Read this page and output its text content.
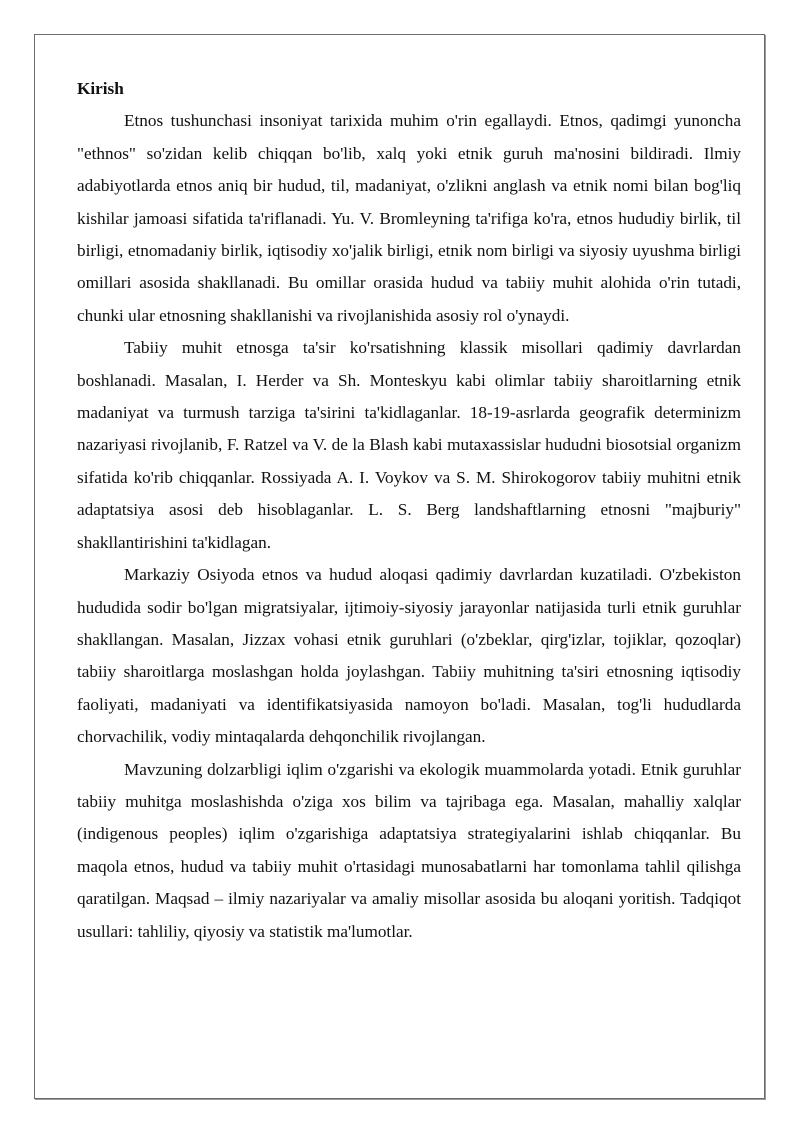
Kirish

Etnos tushunchasi insoniyat tarixida muhim o'rin egallaydi. Etnos, qadimgi yunoncha "ethnos" so'zidan kelib chiqqan bo'lib, xalq yoki etnik guruh ma'nosini bildiradi. Ilmiy adabiyotlarda etnos aniq bir hudud, til, madaniyat, o'zlikni anglash va etnik nomi bilan bog'liq kishilar jamoasi sifatida ta'riflanadi. Yu. V. Bromleyning ta'rifiga ko'ra, etnos hududiy birlik, til birligi, etnomadaniy birlik, iqtisodiy xo'jalik birligi, etnik nom birligi va siyosiy uyushma birligi omillari asosida shakllanadi. Bu omillar orasida hudud va tabiiy muhit alohida o'rin tutadi, chunki ular etnosning shakllanishi va rivojlanishida asosiy rol o'ynaydi.

Tabiiy muhit etnosga ta'sir ko'rsatishning klassik misollari qadimiy davrlardan boshlanadi. Masalan, I. Herder va Sh. Monteskyu kabi olimlar tabiiy sharoitlarning etnik madaniyat va turmush tarziga ta'sirini ta'kidlaganlar. 18-19-asrlarda geografik determinizm nazariyasi rivojlanib, F. Ratzel va V. de la Blash kabi mutaxassislar hududni biosotsial organizm sifatida ko'rib chiqqanlar. Rossiyada A. I. Voykov va S. M. Shirokogorov tabiiy muhitni etnik adaptatsiya asosi deb hisoblaganlar. L. S. Berg landshaftlarning etnosni "majburiy" shakllantirishini ta'kidlagan.

Markaziy Osiyoda etnos va hudud aloqasi qadimiy davrlardan kuzatiladi. O'zbekiston hududida sodir bo'lgan migratsiyalar, ijtimoiy-siyosiy jarayonlar natijasida turli etnik guruhlar shakllangan. Masalan, Jizzax vohasi etnik guruhlari (o'zbeklar, qirg'izlar, tojiklar, qozoqlar) tabiiy sharoitlarga moslashgan holda joylashgan. Tabiiy muhitning ta'siri etnosning iqtisodiy faoliyati, madaniyati va identifikatsiyasida namoyon bo'ladi. Masalan, tog'li hududlarda chorvachilik, vodiy mintaqalarda dehqonchilik rivojlangan.

Mavzuning dolzarbligi iqlim o'zgarishi va ekologik muammolarda yotadi. Etnik guruhlar tabiiy muhitga moslashishda o'ziga xos bilim va tajribaga ega. Masalan, mahalliy xalqlar (indigenous peoples) iqlim o'zgarishiga adaptatsiya strategiyalarini ishlab chiqqanlar. Bu maqola etnos, hudud va tabiiy muhit o'rtasidagi munosabatlarni har tomonlama tahlil qilishga qaratilgan. Maqsad – ilmiy nazariyalar va amaliy misollar asosida bu aloqani yoritish. Tadqiqot usullari: tahliliy, qiyosiy va statistik ma'lumotlar.
